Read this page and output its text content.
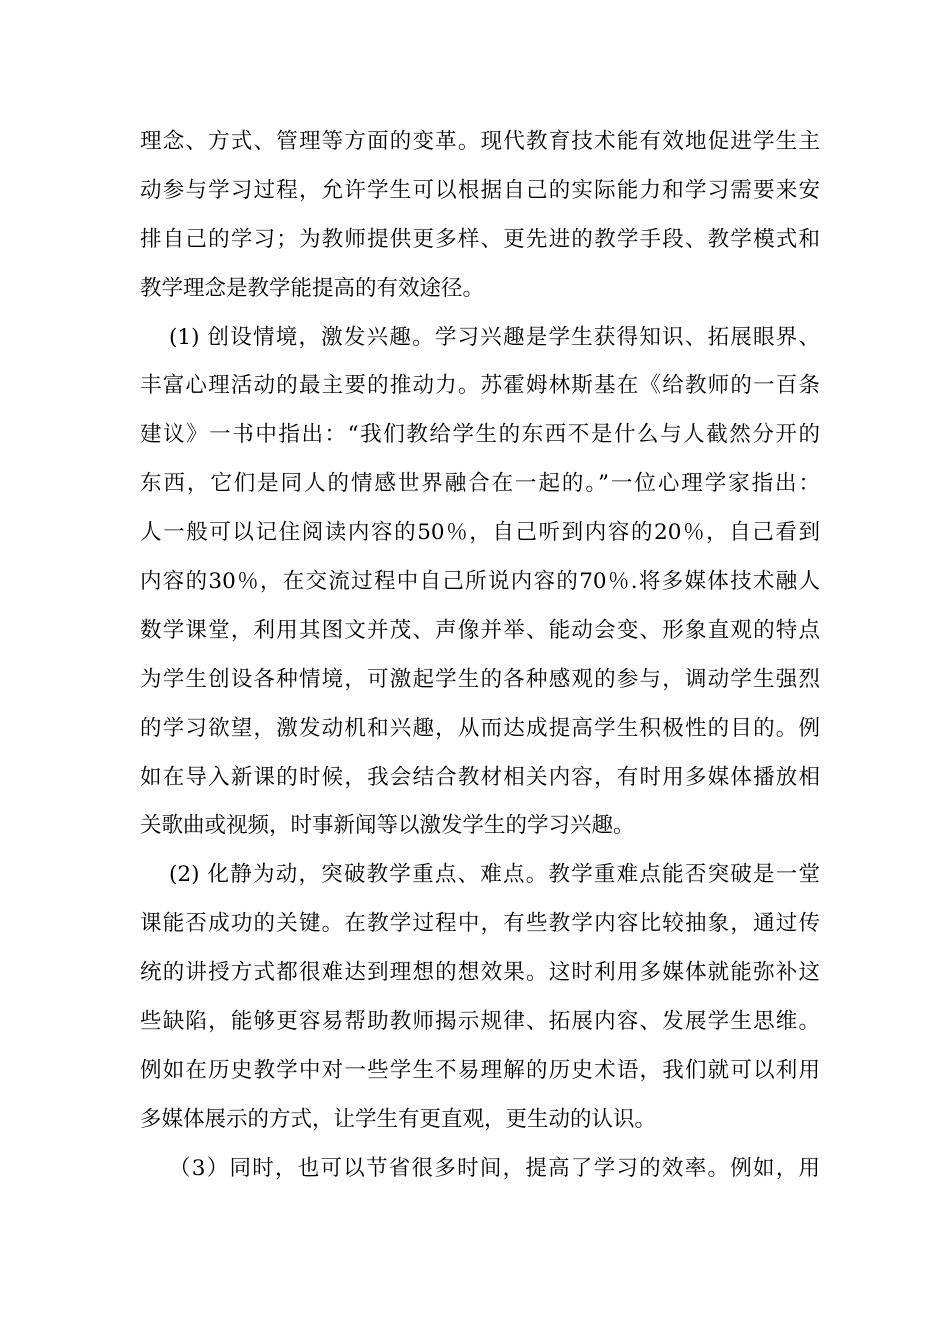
理念、方式、管理等方面的变革。现代教育技术能有效地促进学生主
动参与学习过程，允许学生可以根据自己的实际能力和学习需要来安
排自己的学习；为教师提供更多样、更先进的教学手段、教学模式和
教学理念是教学能提高的有效途径。
(1) 创设情境，激发兴趣。学习兴趣是学生获得知识、拓展眼界、
丰富心理活动的最主要的推动力。苏霍姆林斯基在《给教师的一百条
建议》一书中指出：“我们教给学生的东西不是什么与人截然分开的
东西，它们是同人的情感世界融合在一起的。”一位心理学家指出：
人一般可以记住阅读内容的50％，自己听到内容的20％，自己看到
内容的30％，在交流过程中自己所说内容的70％.将多媒体技术融人
数学课堂，利用其图文并茂、声像并举、能动会变、形象直观的特点
为学生创设各种情境，可激起学生的各种感观的参与，调动学生强烈
的学习欲望，激发动机和兴趣，从而达成提高学生积极性的目的。例
如在导入新课的时候，我会结合教材相关内容，有时用多媒体播放相
关歌曲或视频，时事新闻等以激发学生的学习兴趣。
(2) 化静为动，突破教学重点、难点。教学重难点能否突破是一堂
课能否成功的关键。在教学过程中，有些教学内容比较抽象，通过传
统的讲授方式都很难达到理想的想效果。这时利用多媒体就能弥补这
些缺陷，能够更容易帮助教师揭示规律、拓展内容、发展学生思维。
例如在历史教学中对一些学生不易理解的历史术语，我们就可以利用
多媒体展示的方式，让学生有更直观，更生动的认识。
（3）同时，也可以节省很多时间，提高了学习的效率。例如，用
